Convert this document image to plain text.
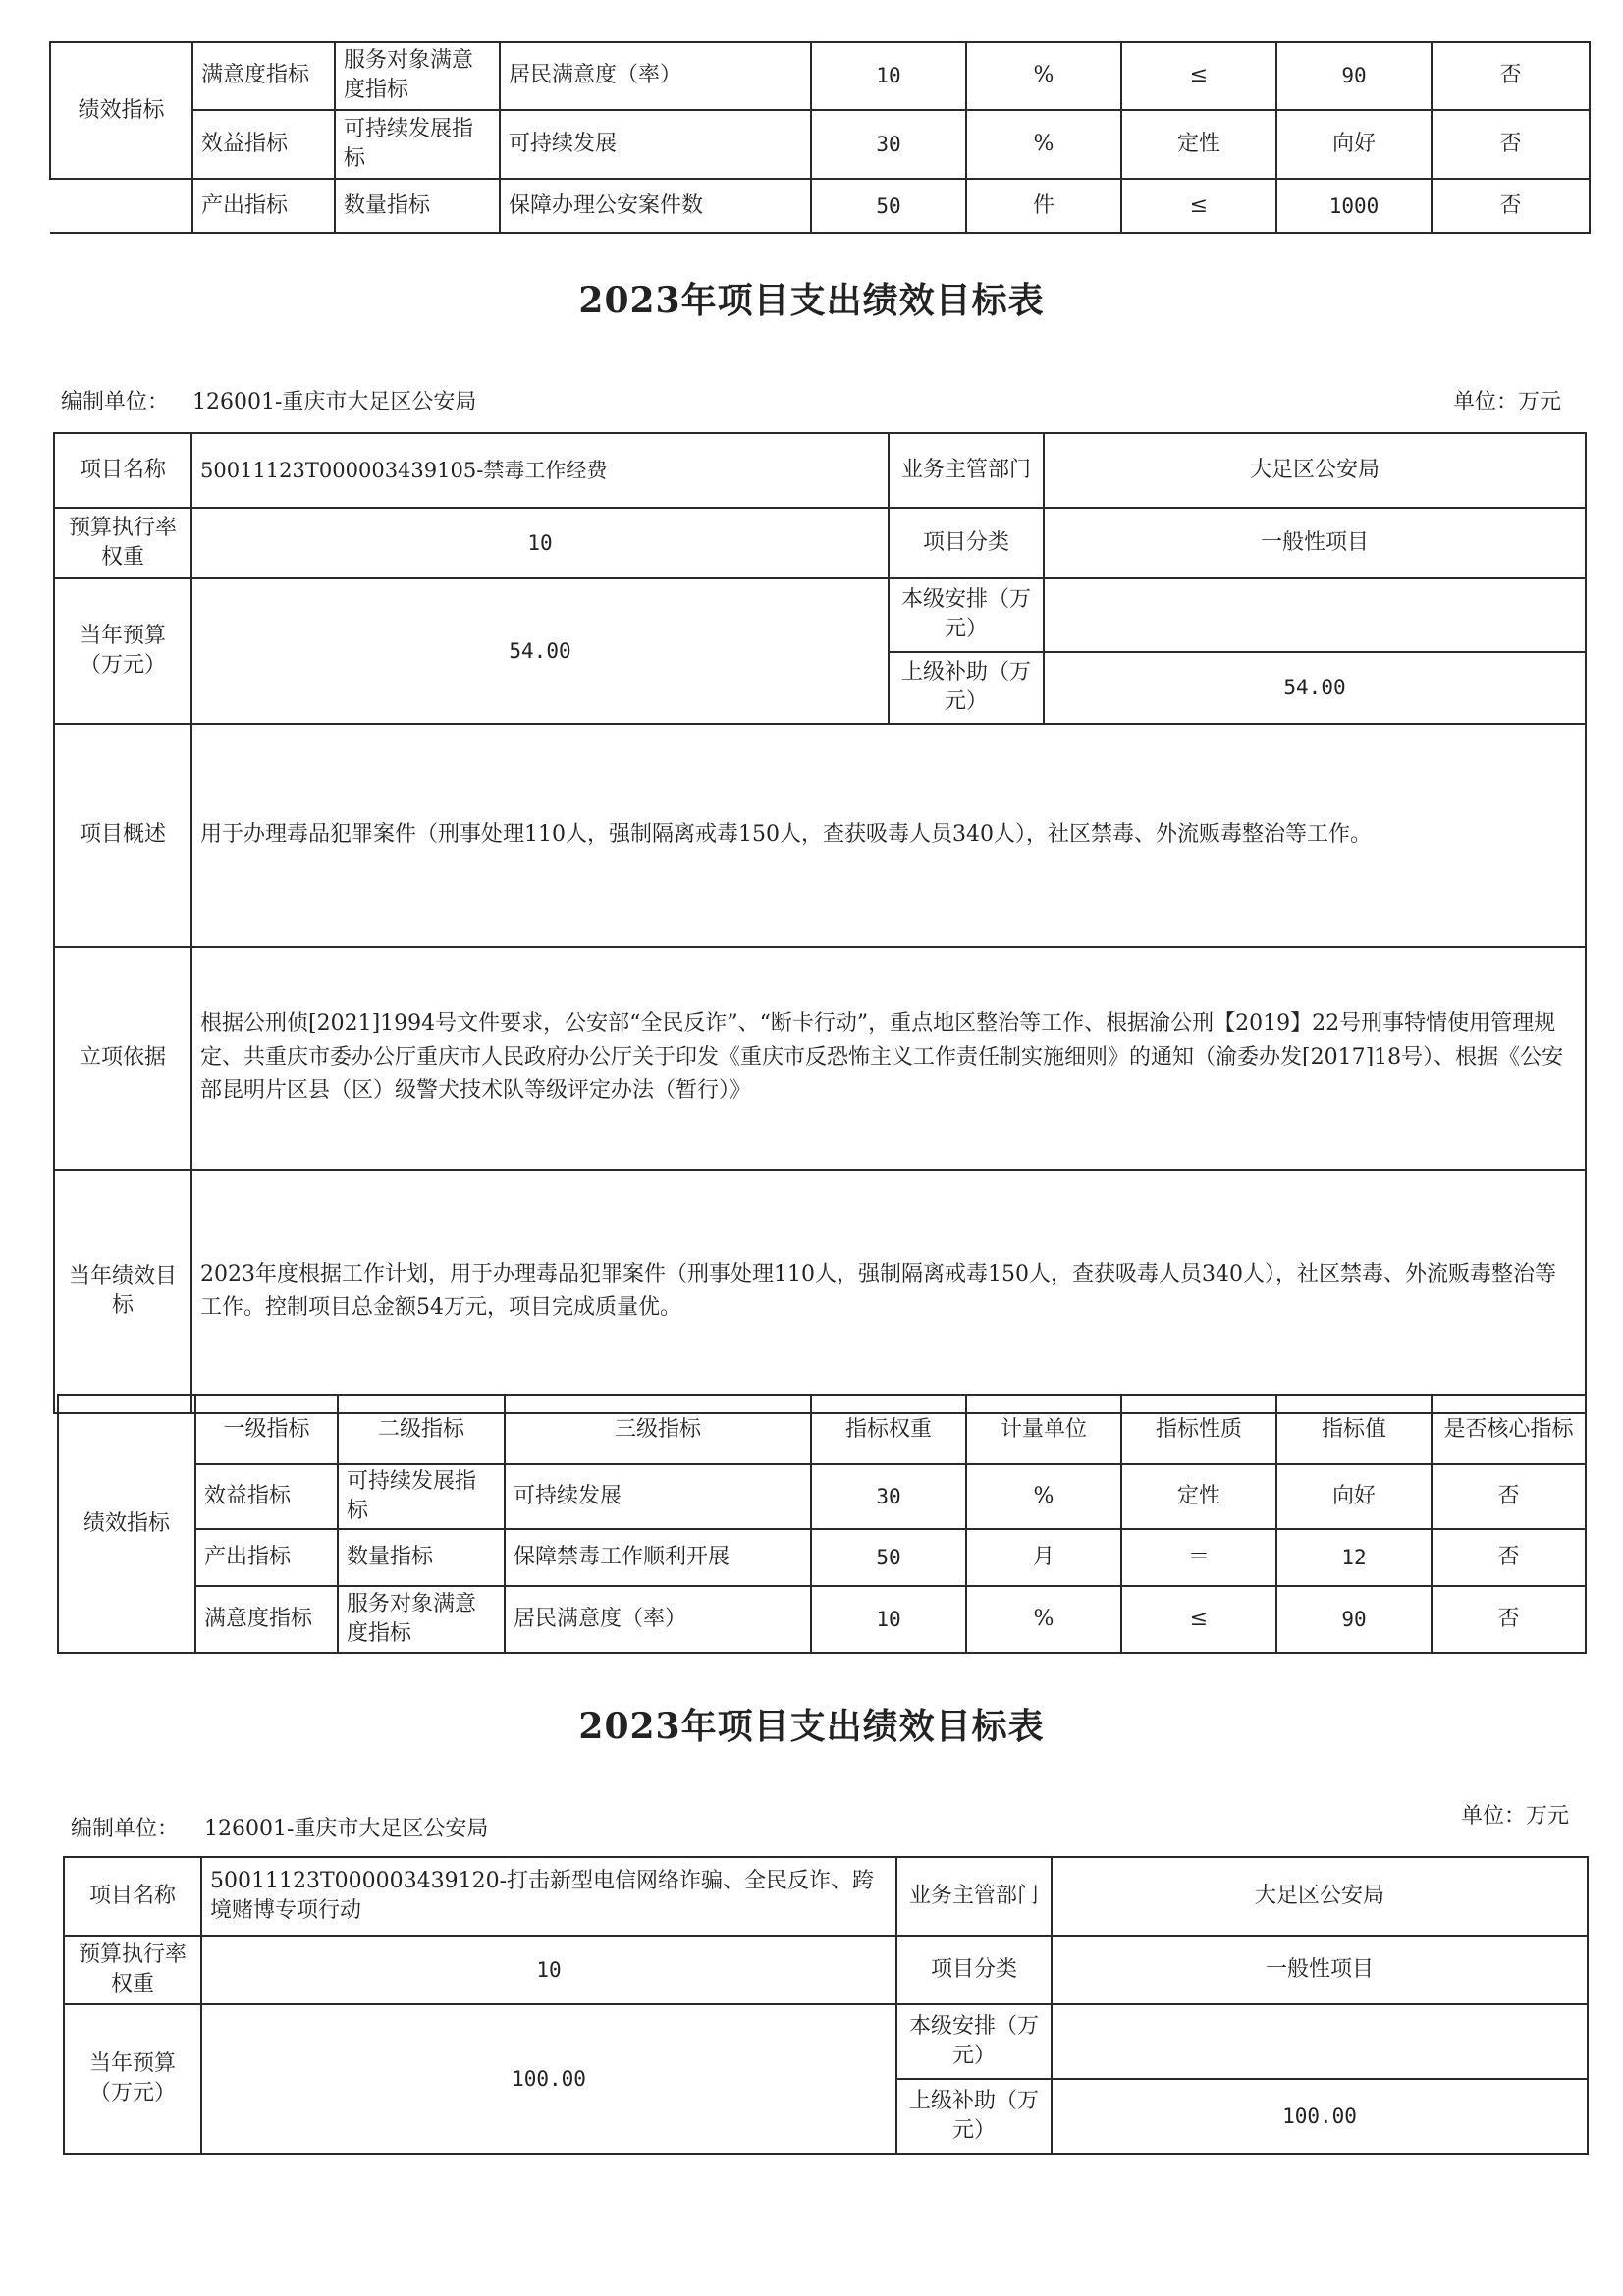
绩效指标	满意度指标	服务对象满意度指标	居民满意度（率）	10	%	≤	90	否
	效益指标	可持续发展指标	可持续发展	30	%	定性	向好	否
	产出指标	数量指标	保障办理公安案件数	50	件	≤	1000	否
2023年项目支出绩效目标表
编制单位： 126001-重庆市大足区公安局	单位：万元
项目名称	50011123T000003439105-禁毒工作经费	业务主管部门	大足区公安局
预算执行率权重	10	项目分类	一般性项目
当年预算（万元）	54.00	本级安排（万元）	
		上级补助（万元）	54.00
项目概述	用于办理毒品犯罪案件（刑事处理110人，强制隔离戒毒150人，查获吸毒人员340人），社区禁毒、外流贩毒整治等工作。		
立项依据	根据公刑侦[2021]1994号文件要求，公安部“全民反诈”、“断卡行动”，重点地区整治等工作、根据渝公刑【2019】22号刑事特情使用管理规定、共重庆市委办公厅重庆市人民政府办公厅关于印发《重庆市反恐怖主义工作责任制实施细则》的通知（渝委办发[2017]18号）、根据《公安部昆明片区县（区）级警犬技术队等级评定办法（暂行）》		
当年绩效目标	2023年度根据工作计划，用于办理毒品犯罪案件（刑事处理110人，强制隔离戒毒150人，查获吸毒人员340人），社区禁毒、外流贩毒整治等工作。控制项目总金额54万元，项目完成质量优。		
绩效指标	一级指标	二级指标	三级指标	指标权重	计量单位	指标性质	指标值	是否核心指标
	效益指标	可持续发展指标	可持续发展	30	%	定性	向好	否
	产出指标	数量指标	保障禁毒工作顺利开展	50	月	＝	12	否
	满意度指标	服务对象满意度指标	居民满意度（率）	10	%	≤	90	否
2023年项目支出绩效目标表
编制单位： 126001-重庆市大足区公安局
单位：万元
项目名称	50011123T000003439120-打击新型电信网络诈骗、全民反诈、跨境赌博专项行动	业务主管部门	大足区公安局
预算执行率权重	10	项目分类	一般性项目
当年预算（万元）	100.00	本级安排（万元）	
		上级补助（万元）	100.00
